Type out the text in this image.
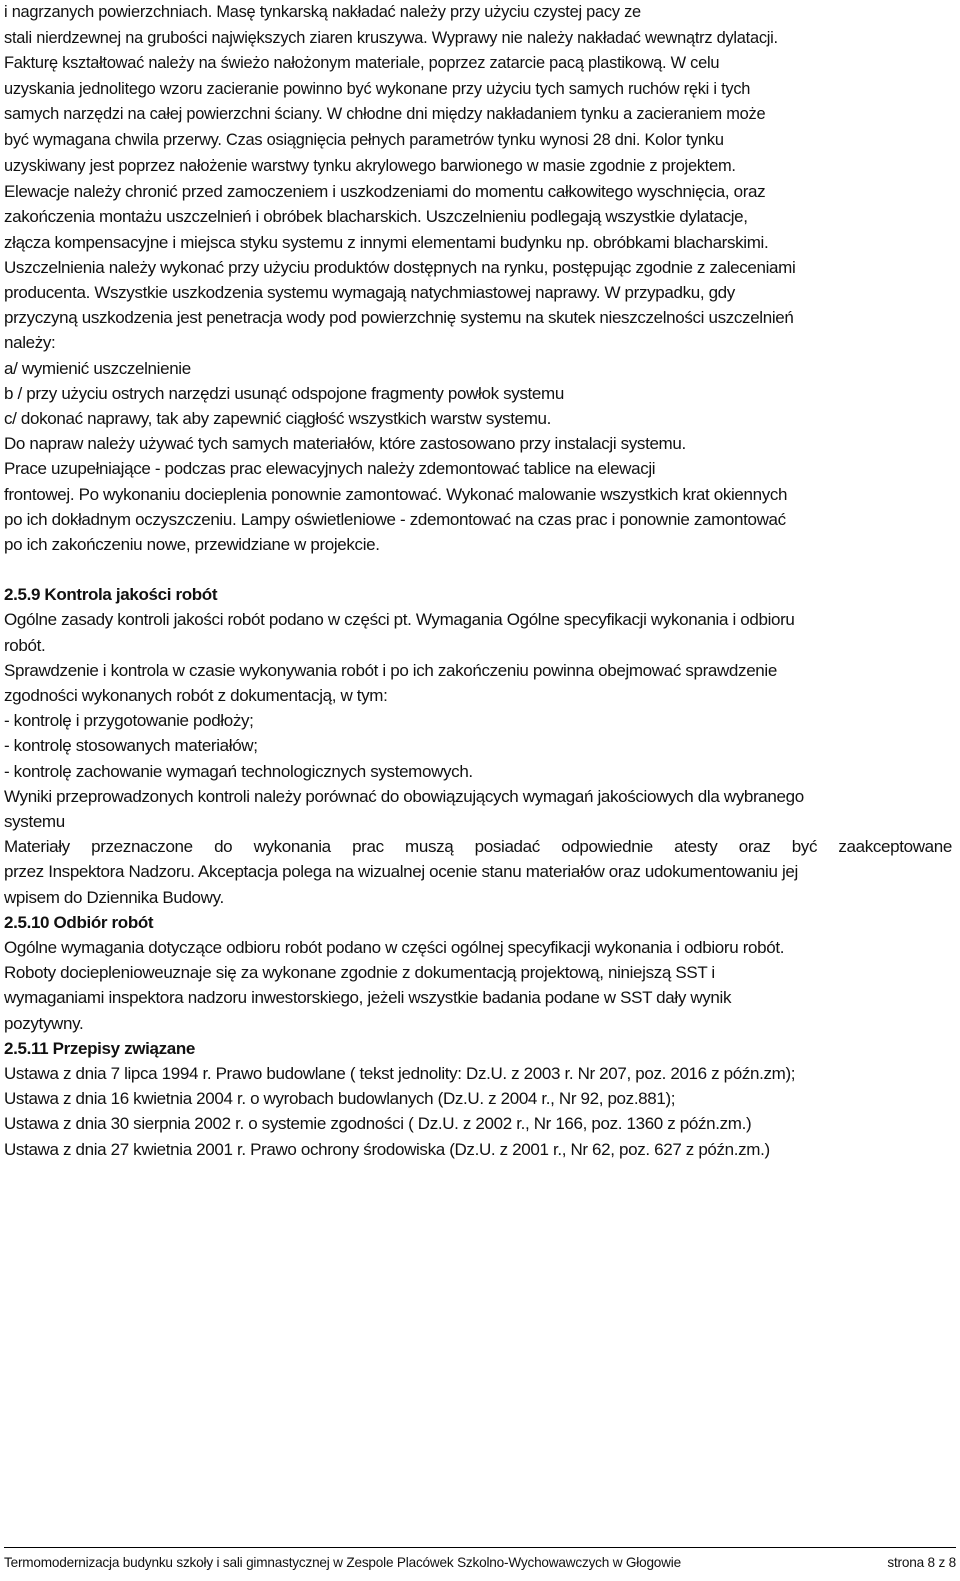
i nagrzanych powierzchniach. Masę tynkarską nakładać należy przy użyciu czystej pacy ze

stali nierdzewnej na grubości największych ziaren kruszywa. Wyprawy nie należy nakładać wewnątrz dylatacji.

Fakturę kształtować należy na świeżo nałożonym materiale, poprzez zatarcie pacą plastikową. W celu

uzyskania jednolitego wzoru zacieranie powinno być wykonane przy użyciu tych samych ruchów ręki i tych

samych narzędzi na całej powierzchni ściany. W chłodne dni między nakładaniem tynku a zacieraniem może

być wymagana chwila przerwy. Czas osiągnięcia pełnych parametrów tynku wynosi 28 dni. Kolor tynku

uzyskiwany jest poprzez nałożenie warstwy tynku akrylowego barwionego w masie zgodnie z projektem.

Elewacje należy chronić przed zamoczeniem i uszkodzeniami do momentu całkowitego wyschnięcia, oraz

zakończenia montażu uszczelnień i obróbek blacharskich. Uszczelnieniu podlegają wszystkie dylatacje,

złącza kompensacyjne i miejsca styku systemu z innymi elementami budynku np. obróbkami blacharskimi.

Uszczelnienia należy wykonać przy użyciu produktów dostępnych na rynku, postępując zgodnie z zaleceniami

producenta. Wszystkie uszkodzenia systemu wymagają natychmiastowej naprawy. W przypadku, gdy

przyczyną uszkodzenia jest penetracja wody pod powierzchnię systemu na skutek nieszczelności uszczelnień

należy:

a/ wymienić uszczelnienie

b / przy użyciu ostrych narzędzi usunąć odspojone fragmenty powłok systemu

c/ dokonać naprawy, tak aby zapewnić ciągłość wszystkich warstw systemu.

Do napraw należy używać tych samych materiałów, które zastosowano przy instalacji systemu.

Prace uzupełniające - podczas prac elewacyjnych należy zdemontować tablice na elewacji

frontowej. Po wykonaniu docieplenia ponownie zamontować. Wykonać malowanie wszystkich krat okiennych

po ich dokładnym oczyszczeniu. Lampy oświetleniowe - zdemontować na czas prac i ponownie zamontować

po ich zakończeniu nowe, przewidziane w projekcie.

2.5.9 Kontrola jakości robót

Ogólne zasady kontroli jakości robót podano w części pt. Wymagania Ogólne specyfikacji wykonania i odbioru

robót.

Sprawdzenie i kontrola w czasie wykonywania robót i po ich zakończeniu powinna obejmować sprawdzenie

zgodności wykonanych robót z dokumentacją, w tym:

- kontrolę i przygotowanie podłoży;

- kontrolę stosowanych materiałów;

- kontrolę zachowanie wymagań technologicznych systemowych.

Wyniki przeprowadzonych kontroli należy porównać do obowiązujących wymagań jakościowych dla wybranego

systemu

Materiały przeznaczone do wykonania prac muszą posiadać odpowiednie atesty oraz być zaakceptowane

przez Inspektora Nadzoru. Akceptacja polega na wizualnej ocenie stanu materiałów oraz udokumentowaniu jej

wpisem do Dziennika Budowy.

2.5.10 Odbiór robót

Ogólne wymagania dotyczące odbioru robót podano w części ogólnej specyfikacji wykonania i odbioru robót.

Roboty docieplenioweuznaje się za wykonane zgodnie z dokumentacją projektową, niniejszą SST i

wymaganiami inspektora nadzoru inwestorskiego, jeżeli wszystkie badania podane w SST dały wynik

pozytywny.

2.5.11 Przepisy związane

Ustawa z dnia 7 lipca 1994 r. Prawo budowlane ( tekst jednolity: Dz.U. z 2003 r. Nr 207, poz. 2016 z późn.zm);

Ustawa z dnia 16 kwietnia 2004 r. o wyrobach budowlanych (Dz.U. z 2004 r., Nr 92, poz.881);

Ustawa z dnia 30 sierpnia 2002 r. o systemie zgodności ( Dz.U. z 2002 r., Nr 166, poz. 1360 z późn.zm.)

Ustawa z dnia 27 kwietnia 2001 r. Prawo ochrony środowiska (Dz.U. z 2001 r., Nr 62, poz. 627 z późn.zm.)

Termomodernizacja budynku szkoły i sali gimnastycznej w Zespole Placówek Szkolno-Wychowawczych w Głogowie	strona 8 z 8
